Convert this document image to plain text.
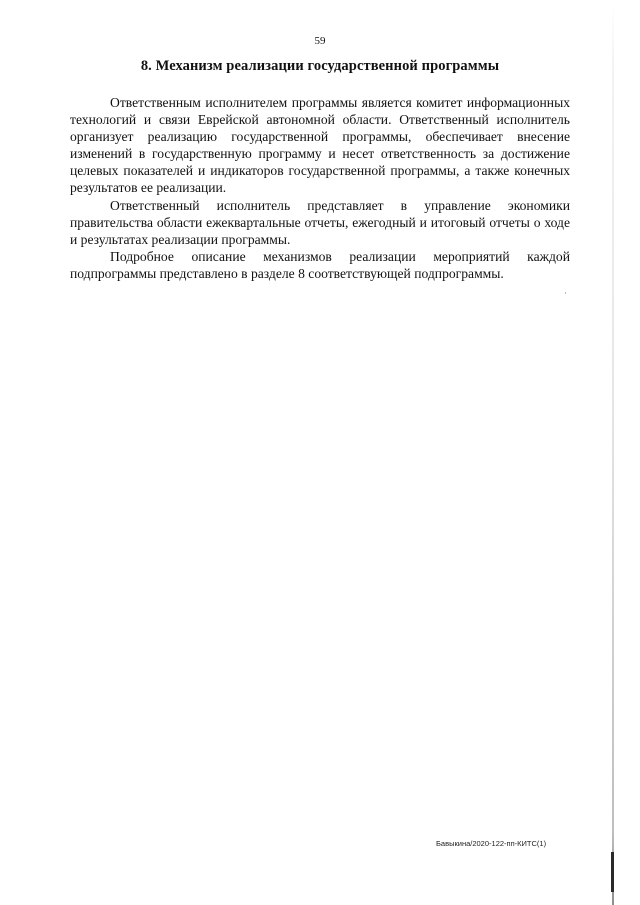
59
8. Механизм реализации государственной программы

Ответственным исполнителем программы является комитет информационных технологий и связи Еврейской автономной области. Ответственный исполнитель организует реализацию государственной программы, обеспечивает внесение изменений в государственную программу и несет ответственность за достижение целевых показателей и индикаторов государственной программы, а также конечных результатов ее реализации.

Ответственный исполнитель представляет в управление экономики правительства области ежеквартальные отчеты, ежегодный и итоговый отчеты о ходе и результатах реализации программы.

Подробное описание механизмов реализации мероприятий каждой подпрограммы представлено в разделе 8 соответствующей подпрограммы.

Бавыкина/2020-122-пп-КИТС(1)
